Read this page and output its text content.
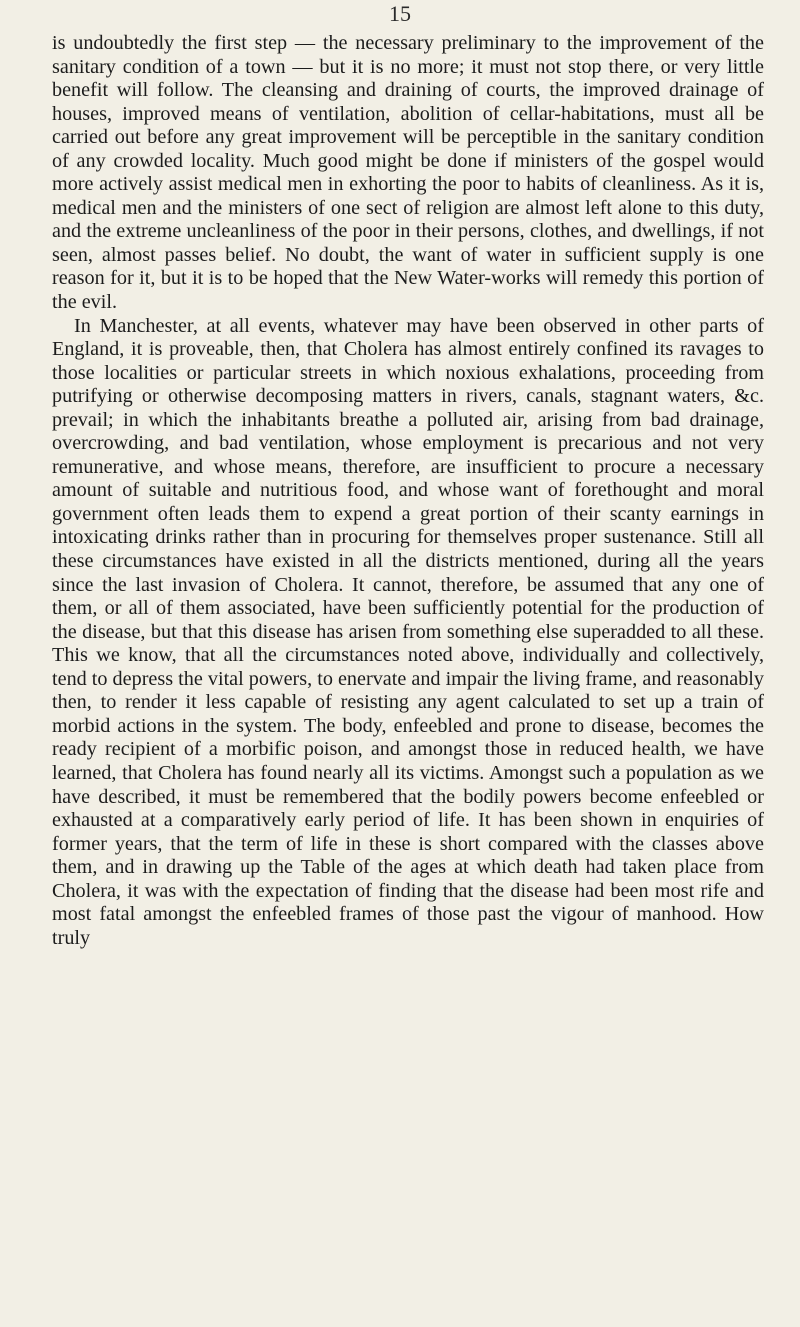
15

is undoubtedly the first step — the necessary preliminary to the improvement of the sanitary condition of a town — but it is no more; it must not stop there, or very little benefit will follow. The cleansing and draining of courts, the improved drainage of houses, improved means of ventilation, abolition of cellar-habitations, must all be carried out before any great improvement will be perceptible in the sanitary condition of any crowded locality. Much good might be done if ministers of the gospel would more actively assist medical men in exhorting the poor to habits of cleanliness. As it is, medical men and the ministers of one sect of religion are almost left alone to this duty, and the extreme uncleanliness of the poor in their persons, clothes, and dwellings, if not seen, almost passes belief. No doubt, the want of water in sufficient supply is one reason for it, but it is to be hoped that the New Water-works will remedy this portion of the evil.

In Manchester, at all events, whatever may have been observed in other parts of England, it is proveable, then, that Cholera has almost entirely confined its ravages to those localities or particular streets in which noxious exhalations, proceeding from putrifying or otherwise decomposing matters in rivers, canals, stagnant waters, &c. prevail; in which the inhabitants breathe a polluted air, arising from bad drainage, overcrowding, and bad ventilation, whose employment is precarious and not very remunerative, and whose means, therefore, are insufficient to procure a necessary amount of suitable and nutritious food, and whose want of forethought and moral government often leads them to expend a great portion of their scanty earnings in intoxicating drinks rather than in procuring for themselves proper sustenance. Still all these circumstances have existed in all the districts mentioned, during all the years since the last invasion of Cholera. It cannot, therefore, be assumed that any one of them, or all of them associated, have been sufficiently potential for the production of the disease, but that this disease has arisen from something else superadded to all these. This we know, that all the circumstances noted above, individually and collectively, tend to depress the vital powers, to enervate and impair the living frame, and reasonably then, to render it less capable of resisting any agent calculated to set up a train of morbid actions in the system. The body, enfeebled and prone to disease, becomes the ready recipient of a morbific poison, and amongst those in reduced health, we have learned, that Cholera has found nearly all its victims. Amongst such a population as we have described, it must be remembered that the bodily powers become enfeebled or exhausted at a comparatively early period of life. It has been shown in enquiries of former years, that the term of life in these is short compared with the classes above them, and in drawing up the Table of the ages at which death had taken place from Cholera, it was with the expectation of finding that the disease had been most rife and most fatal amongst the enfeebled frames of those past the vigour of manhood. How truly
